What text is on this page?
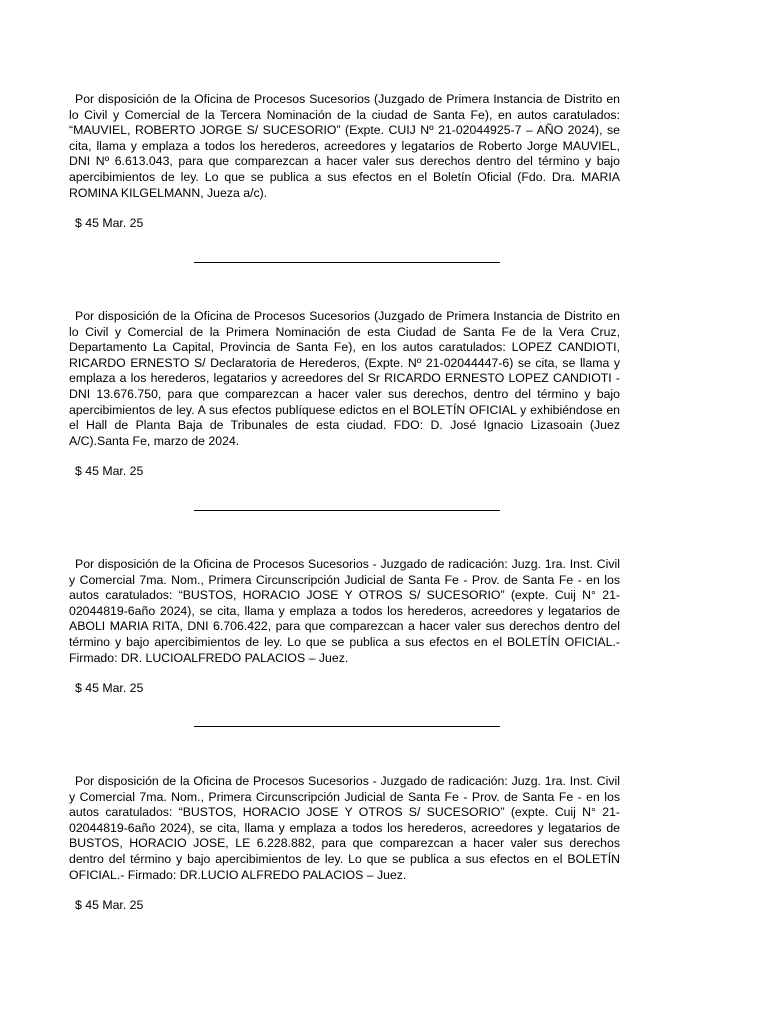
Por disposición de la Oficina de Procesos Sucesorios (Juzgado de Primera Instancia de Distrito en lo Civil y Comercial de la Tercera Nominación de la ciudad de Santa Fe), en autos caratulados: “MAUVIEL, ROBERTO JORGE S/ SUCESORIO” (Expte. CUIJ Nº 21-02044925-7 – AÑO 2024), se cita, llama y emplaza a todos los herederos, acreedores y legatarios de Roberto Jorge MAUVIEL, DNI Nº 6.613.043, para que comparezcan a hacer valer sus derechos dentro del término y bajo apercibimientos de ley. Lo que se publica a sus efectos en el Boletín Oficial (Fdo. Dra. MARIA ROMINA KILGELMANN, Jueza a/c).

$ 45 Mar. 25

Por disposición de la Oficina de Procesos Sucesorios (Juzgado de Primera Instancia de Distrito en lo Civil y Comercial de la Primera Nominación de esta Ciudad de Santa Fe de la Vera Cruz, Departamento La Capital, Provincia de Santa Fe), en los autos caratulados: LOPEZ CANDIOTI, RICARDO ERNESTO S/ Declaratoria de Herederos, (Expte. Nº 21-02044447-6) se cita, se llama y emplaza a los herederos, legatarios y acreedores del Sr RICARDO ERNESTO LOPEZ CANDIOTI - DNI 13.676.750, para que comparezcan a hacer valer sus derechos, dentro del término y bajo apercibimientos de ley. A sus efectos publíquese edictos en el BOLETÍN OFICIAL y exhibiéndose en el Hall de Planta Baja de Tribunales de esta ciudad. FDO: D. José Ignacio Lizasoain (Juez A/C).Santa Fe, marzo de 2024.

$ 45 Mar. 25

Por disposición de la Oficina de Procesos Sucesorios - Juzgado de radicación: Juzg. 1ra. Inst. Civil y Comercial 7ma. Nom., Primera Circunscripción Judicial de Santa Fe - Prov. de Santa Fe - en los autos caratulados: “BUSTOS, HORACIO JOSE Y OTROS S/ SUCESORIO” (expte. Cuij N° 21-02044819-6año 2024), se cita, llama y emplaza a todos los herederos, acreedores y legatarios de ABOLI MARIA RITA, DNI 6.706.422, para que comparezcan a hacer valer sus derechos dentro del término y bajo apercibimientos de ley. Lo que se publica a sus efectos en el BOLETÍN OFICIAL.- Firmado: DR. LUCIOALFREDO PALACIOS – Juez.

$ 45 Mar. 25

Por disposición de la Oficina de Procesos Sucesorios - Juzgado de radicación: Juzg. 1ra. Inst. Civil y Comercial 7ma. Nom., Primera Circunscripción Judicial de Santa Fe - Prov. de Santa Fe - en los autos caratulados: “BUSTOS, HORACIO JOSE Y OTROS S/ SUCESORIO” (expte. Cuij N° 21-02044819-6año 2024), se cita, llama y emplaza a todos los herederos, acreedores y legatarios de BUSTOS, HORACIO JOSE, LE 6.228.882, para que comparezcan a hacer valer sus derechos dentro del término y bajo apercibimientos de ley. Lo que se publica a sus efectos en el BOLETÍN OFICIAL.- Firmado: DR.LUCIO ALFREDO PALACIOS – Juez.

$ 45 Mar. 25
